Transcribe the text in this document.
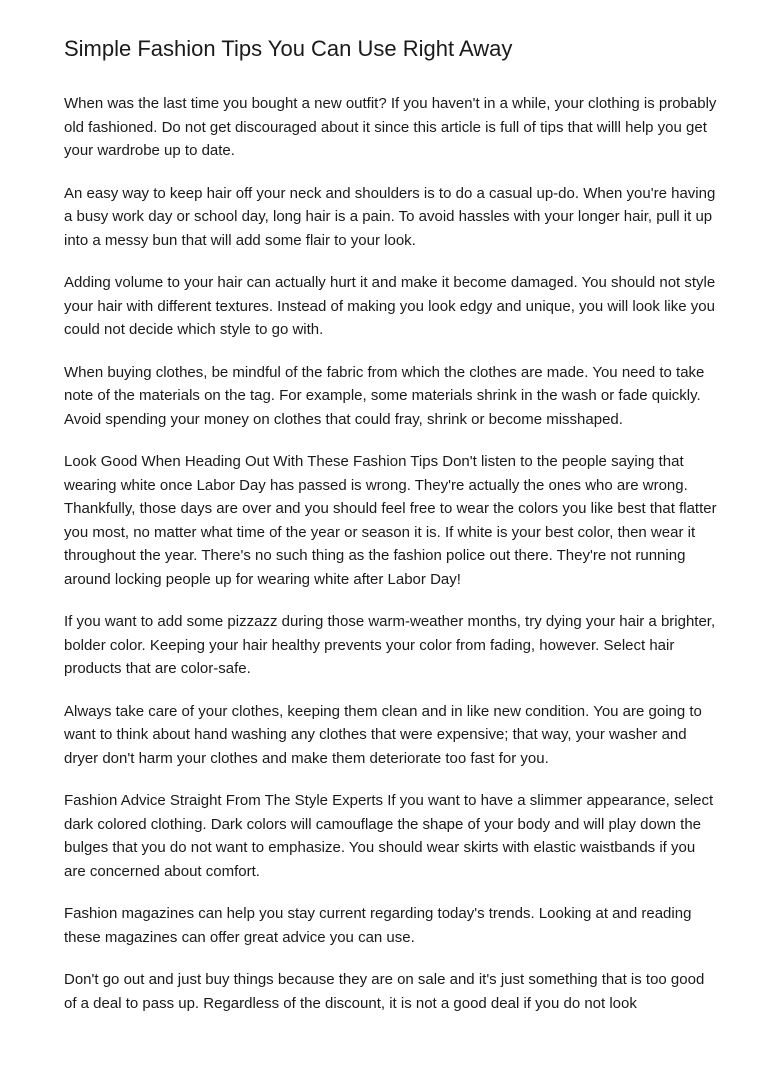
Simple Fashion Tips You Can Use Right Away

When was the last time you bought a new outfit? If you haven't in a while, your clothing is probably old fashioned. Do not get discouraged about it since this article is full of tips that willl help you get your wardrobe up to date.

An easy way to keep hair off your neck and shoulders is to do a casual up-do. When you're having a busy work day or school day, long hair is a pain. To avoid hassles with your longer hair, pull it up into a messy bun that will add some flair to your look.

Adding volume to your hair can actually hurt it and make it become damaged. You should not style your hair with different textures. Instead of making you look edgy and unique, you will look like you could not decide which style to go with.

When buying clothes, be mindful of the fabric from which the clothes are made. You need to take note of the materials on the tag. For example, some materials shrink in the wash or fade quickly. Avoid spending your money on clothes that could fray, shrink or become misshaped.

Look Good When Heading Out With These Fashion Tips Don't listen to the people saying that wearing white once Labor Day has passed is wrong. They're actually the ones who are wrong. Thankfully, those days are over and you should feel free to wear the colors you like best that flatter you most, no matter what time of the year or season it is. If white is your best color, then wear it throughout the year. There's no such thing as the fashion police out there. They're not running around locking people up for wearing white after Labor Day!

If you want to add some pizzazz during those warm-weather months, try dying your hair a brighter, bolder color. Keeping your hair healthy prevents your color from fading, however. Select hair products that are color-safe.

Always take care of your clothes, keeping them clean and in like new condition. You are going to want to think about hand washing any clothes that were expensive; that way, your washer and dryer don't harm your clothes and make them deteriorate too fast for you.

Fashion Advice Straight From The Style Experts If you want to have a slimmer appearance, select dark colored clothing. Dark colors will camouflage the shape of your body and will play down the bulges that you do not want to emphasize. You should wear skirts with elastic waistbands if you are concerned about comfort.

Fashion magazines can help you stay current regarding today's trends. Looking at and reading these magazines can offer great advice you can use.

Don't go out and just buy things because they are on sale and it's just something that is too good of a deal to pass up. Regardless of the discount, it is not a good deal if you do not look
